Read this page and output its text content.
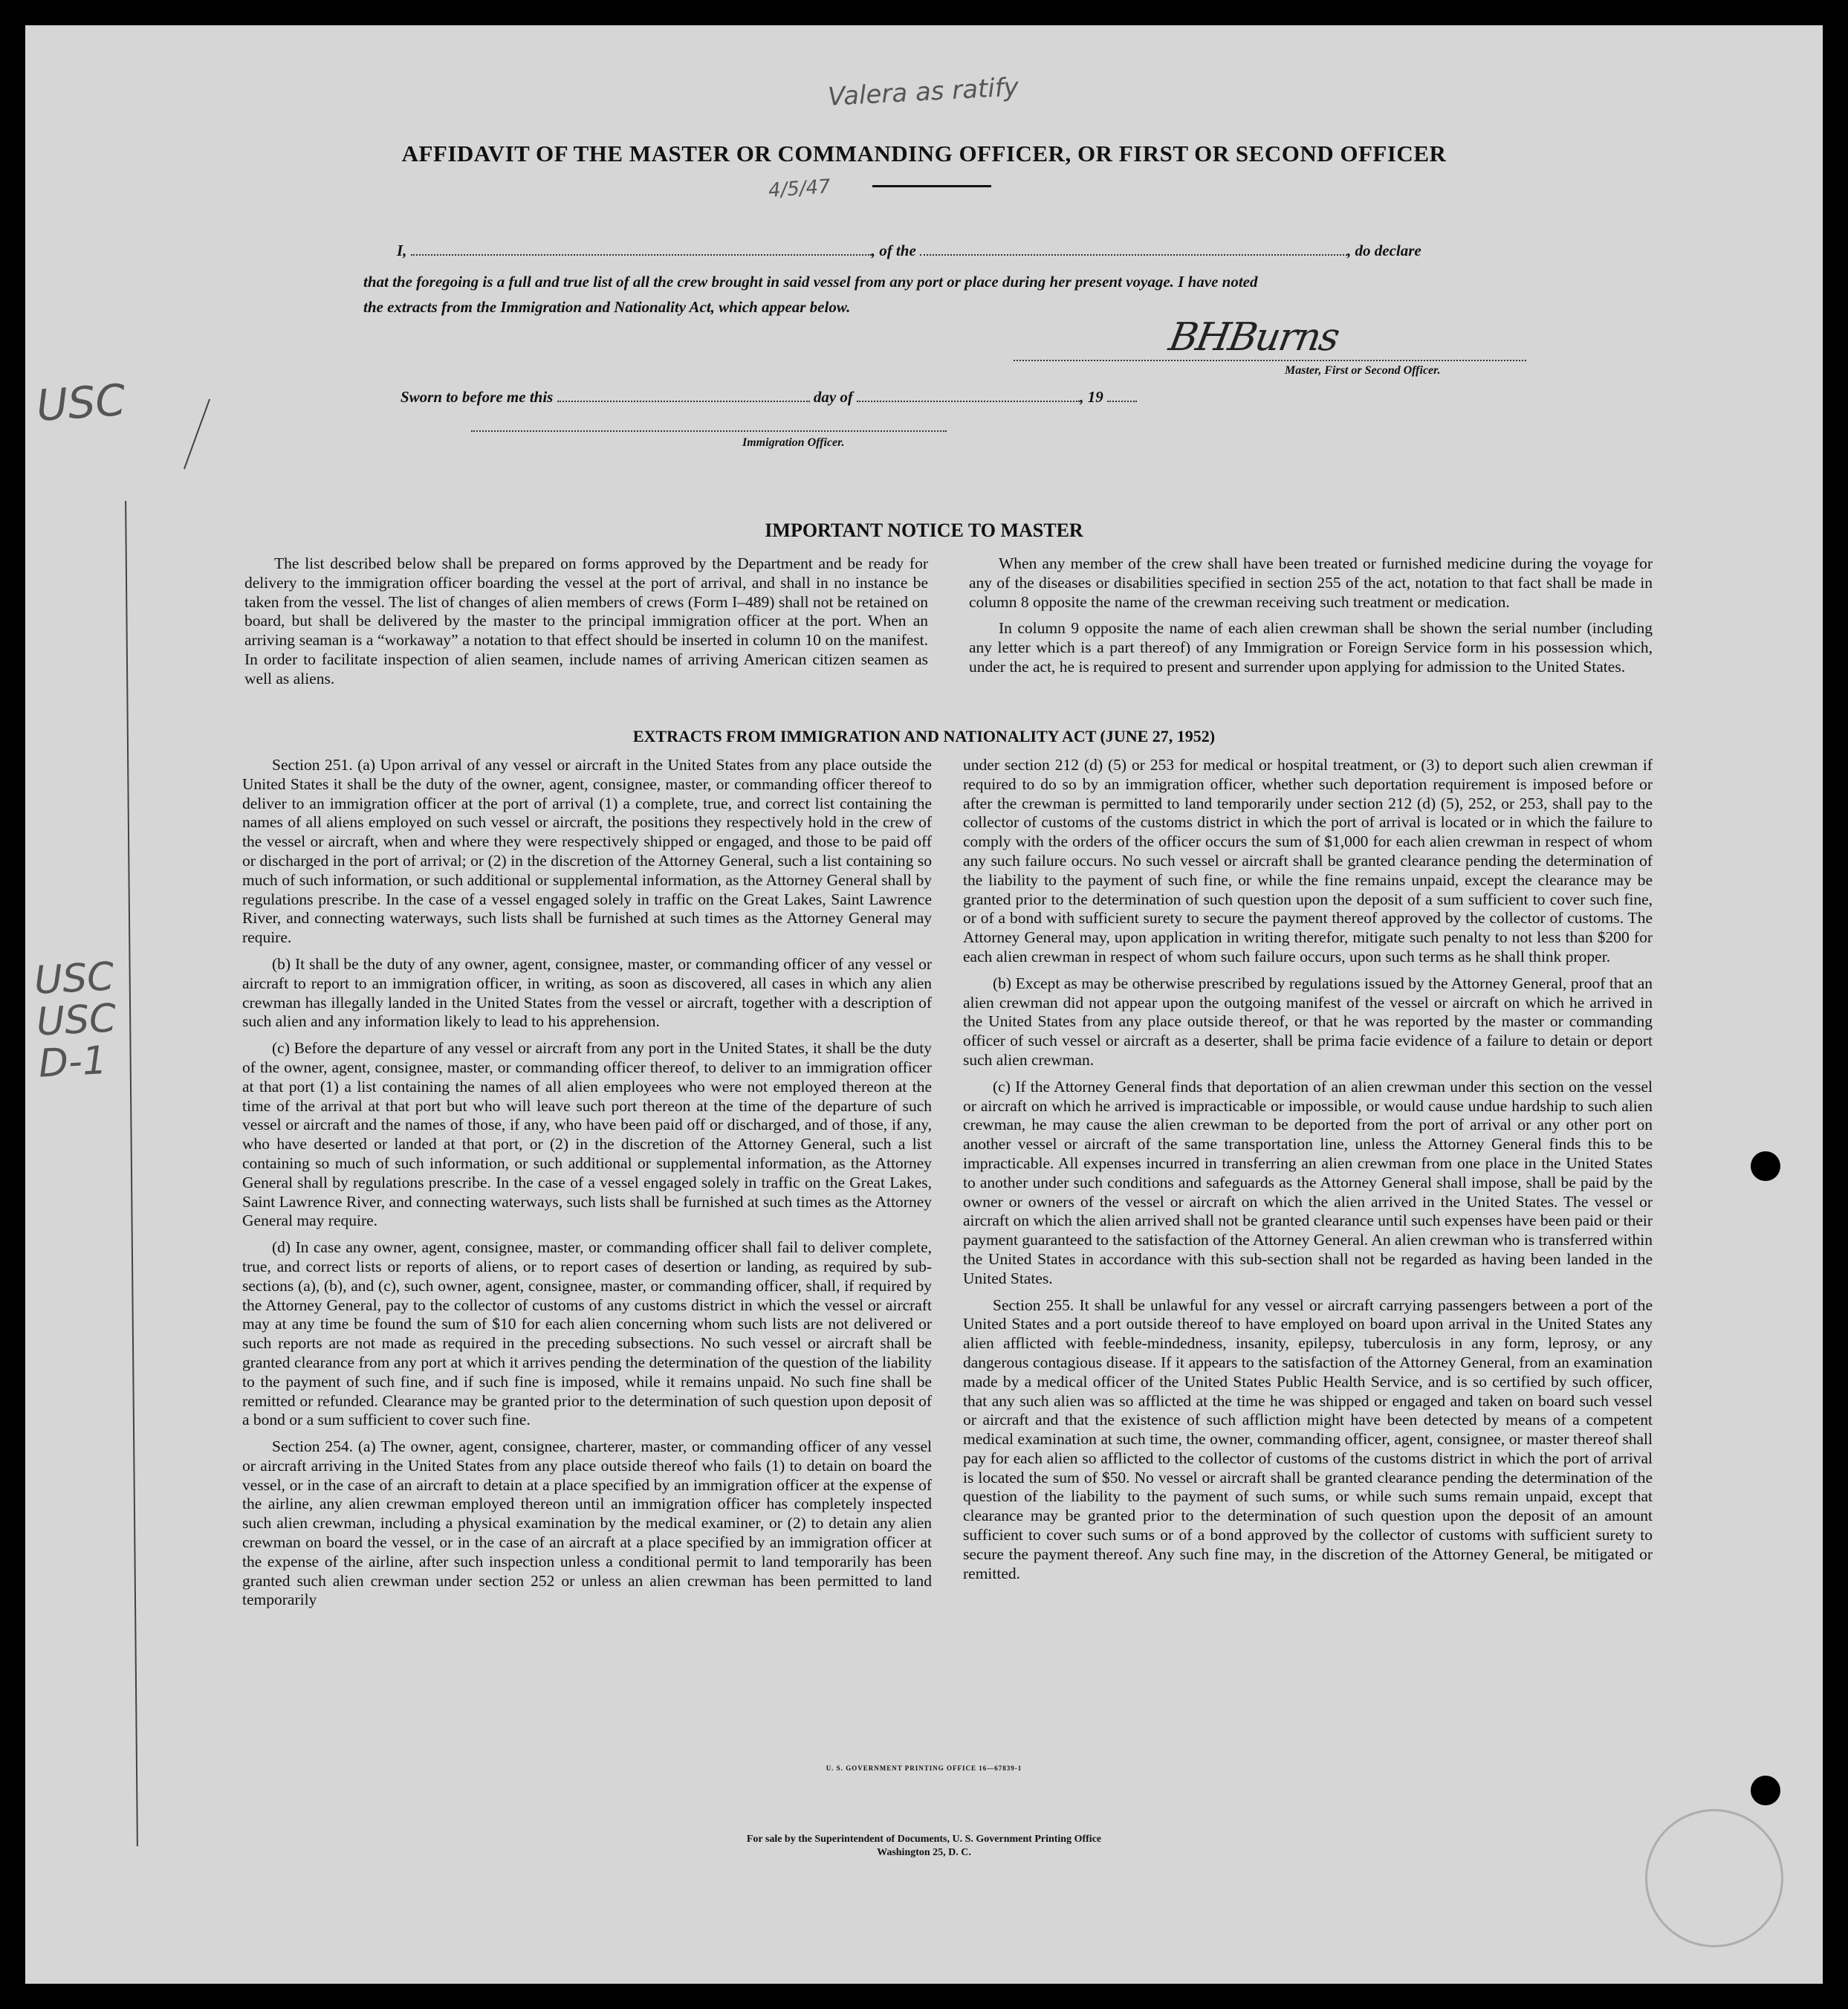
Valera as ratify
4/5/47
USC
USC
USC
D-1
AFFIDAVIT OF THE MASTER OR COMMANDING OFFICER, OR FIRST OR SECOND OFFICER
I,	, of the	, do declare
that the foregoing is a full and true list of all the crew brought in said vessel from any port or place during her present voyage. I have noted
the extracts from the Immigration and Nationality Act, which appear below.
BHBurns
Master, First or Second Officer.
Sworn to before me this	day of	, 19
Immigration Officer.
IMPORTANT NOTICE TO MASTER

The list described below shall be prepared on forms approved by the Department and be ready for delivery to the immigration officer boarding the vessel at the port of arrival, and shall in no instance be taken from the vessel. The list of changes of alien members of crews (Form I–489) shall not be retained on board, but shall be delivered by the master to the principal immigration officer at the port. When an arriving seaman is a “workaway” a notation to that effect should be inserted in column 10 on the manifest. In order to facilitate inspection of alien seamen, include names of arriving American citizen seamen as well as aliens.

When any member of the crew shall have been treated or furnished medicine during the voyage for any of the diseases or disabilities specified in section 255 of the act, notation to that fact shall be made in column 8 opposite the name of the crewman receiving such treatment or medication.

In column 9 opposite the name of each alien crewman shall be shown the serial number (including any letter which is a part thereof) of any Immigration or Foreign Service form in his possession which, under the act, he is required to present and surrender upon applying for admission to the United States.

EXTRACTS FROM IMMIGRATION AND NATIONALITY ACT (JUNE 27, 1952)

Section 251. (a) Upon arrival of any vessel or aircraft in the United States from any place outside the United States it shall be the duty of the owner, agent, consignee, master, or commanding officer thereof to deliver to an immigration officer at the port of arrival (1) a complete, true, and correct list containing the names of all aliens employed on such vessel or aircraft, the positions they respectively hold in the crew of the vessel or aircraft, when and where they were respectively shipped or engaged, and those to be paid off or discharged in the port of arrival; or (2) in the discretion of the Attorney General, such a list containing so much of such information, or such additional or supplemental information, as the Attorney General shall by regulations prescribe. In the case of a vessel engaged solely in traffic on the Great Lakes, Saint Lawrence River, and connecting waterways, such lists shall be furnished at such times as the Attorney General may require.

(b) It shall be the duty of any owner, agent, consignee, master, or commanding officer of any vessel or aircraft to report to an immigration officer, in writing, as soon as discovered, all cases in which any alien crewman has illegally landed in the United States from the vessel or aircraft, together with a description of such alien and any information likely to lead to his apprehension.

(c) Before the departure of any vessel or aircraft from any port in the United States, it shall be the duty of the owner, agent, consignee, master, or commanding officer thereof, to deliver to an immigration officer at that port (1) a list containing the names of all alien employees who were not employed thereon at the time of the arrival at that port but who will leave such port thereon at the time of the departure of such vessel or aircraft and the names of those, if any, who have been paid off or discharged, and of those, if any, who have deserted or landed at that port, or (2) in the discretion of the Attorney General, such a list containing so much of such information, or such additional or supplemental information, as the Attorney General shall by regulations prescribe. In the case of a vessel engaged solely in traffic on the Great Lakes, Saint Lawrence River, and connecting waterways, such lists shall be furnished at such times as the Attorney General may require.

(d) In case any owner, agent, consignee, master, or commanding officer shall fail to deliver complete, true, and correct lists or reports of aliens, or to report cases of desertion or landing, as required by sub-sections (a), (b), and (c), such owner, agent, consignee, master, or commanding officer, shall, if required by the Attorney General, pay to the collector of customs of any customs district in which the vessel or aircraft may at any time be found the sum of $10 for each alien concerning whom such lists are not delivered or such reports are not made as required in the preceding subsections. No such vessel or aircraft shall be granted clearance from any port at which it arrives pending the determination of the question of the liability to the payment of such fine, and if such fine is imposed, while it remains unpaid. No such fine shall be remitted or refunded. Clearance may be granted prior to the determination of such question upon deposit of a bond or a sum sufficient to cover such fine.

Section 254. (a) The owner, agent, consignee, charterer, master, or commanding officer of any vessel or aircraft arriving in the United States from any place outside thereof who fails (1) to detain on board the vessel, or in the case of an aircraft to detain at a place specified by an immigration officer at the expense of the airline, any alien crewman employed thereon until an immigration officer has completely inspected such alien crewman, including a physical examination by the medical examiner, or (2) to detain any alien crewman on board the vessel, or in the case of an aircraft at a place specified by an immigration officer at the expense of the airline, after such inspection unless a conditional permit to land temporarily has been granted such alien crewman under section 252 or unless an alien crewman has been permitted to land temporarily

under section 212 (d) (5) or 253 for medical or hospital treatment, or (3) to deport such alien crewman if required to do so by an immigration officer, whether such deportation requirement is imposed before or after the crewman is permitted to land temporarily under section 212 (d) (5), 252, or 253, shall pay to the collector of customs of the customs district in which the port of arrival is located or in which the failure to comply with the orders of the officer occurs the sum of $1,000 for each alien crewman in respect of whom any such failure occurs. No such vessel or aircraft shall be granted clearance pending the determination of the liability to the payment of such fine, or while the fine remains unpaid, except the clearance may be granted prior to the determination of such question upon the deposit of a sum sufficient to cover such fine, or of a bond with sufficient surety to secure the payment thereof approved by the collector of customs. The Attorney General may, upon application in writing therefor, mitigate such penalty to not less than $200 for each alien crewman in respect of whom such failure occurs, upon such terms as he shall think proper.

(b) Except as may be otherwise prescribed by regulations issued by the Attorney General, proof that an alien crewman did not appear upon the outgoing manifest of the vessel or aircraft on which he arrived in the United States from any place outside thereof, or that he was reported by the master or commanding officer of such vessel or aircraft as a deserter, shall be prima facie evidence of a failure to detain or deport such alien crewman.

(c) If the Attorney General finds that deportation of an alien crewman under this section on the vessel or aircraft on which he arrived is impracticable or impossible, or would cause undue hardship to such alien crewman, he may cause the alien crewman to be deported from the port of arrival or any other port on another vessel or aircraft of the same transportation line, unless the Attorney General finds this to be impracticable. All expenses incurred in transferring an alien crewman from one place in the United States to another under such conditions and safeguards as the Attorney General shall impose, shall be paid by the owner or owners of the vessel or aircraft on which the alien arrived in the United States. The vessel or aircraft on which the alien arrived shall not be granted clearance until such expenses have been paid or their payment guaranteed to the satisfaction of the Attorney General. An alien crewman who is transferred within the United States in accordance with this sub-section shall not be regarded as having been landed in the United States.

Section 255. It shall be unlawful for any vessel or aircraft carrying passengers between a port of the United States and a port outside thereof to have employed on board upon arrival in the United States any alien afflicted with feeble-mindedness, insanity, epilepsy, tuberculosis in any form, leprosy, or any dangerous contagious disease. If it appears to the satisfaction of the Attorney General, from an examination made by a medical officer of the United States Public Health Service, and is so certified by such officer, that any such alien was so afflicted at the time he was shipped or engaged and taken on board such vessel or aircraft and that the existence of such affliction might have been detected by means of a competent medical examination at such time, the owner, commanding officer, agent, consignee, or master thereof shall pay for each alien so afflicted to the collector of customs of the customs district in which the port of arrival is located the sum of $50. No vessel or aircraft shall be granted clearance pending the determination of the question of the liability to the payment of such sums, or while such sums remain unpaid, except that clearance may be granted prior to the determination of such question upon the deposit of an amount sufficient to cover such sums or of a bond approved by the collector of customs with sufficient surety to secure the payment thereof. Any such fine may, in the discretion of the Attorney General, be mitigated or remitted.

U. S. GOVERNMENT PRINTING OFFICE 16—67839-1
For sale by the Superintendent of Documents, U. S. Government Printing Office
Washington 25, D. C.
